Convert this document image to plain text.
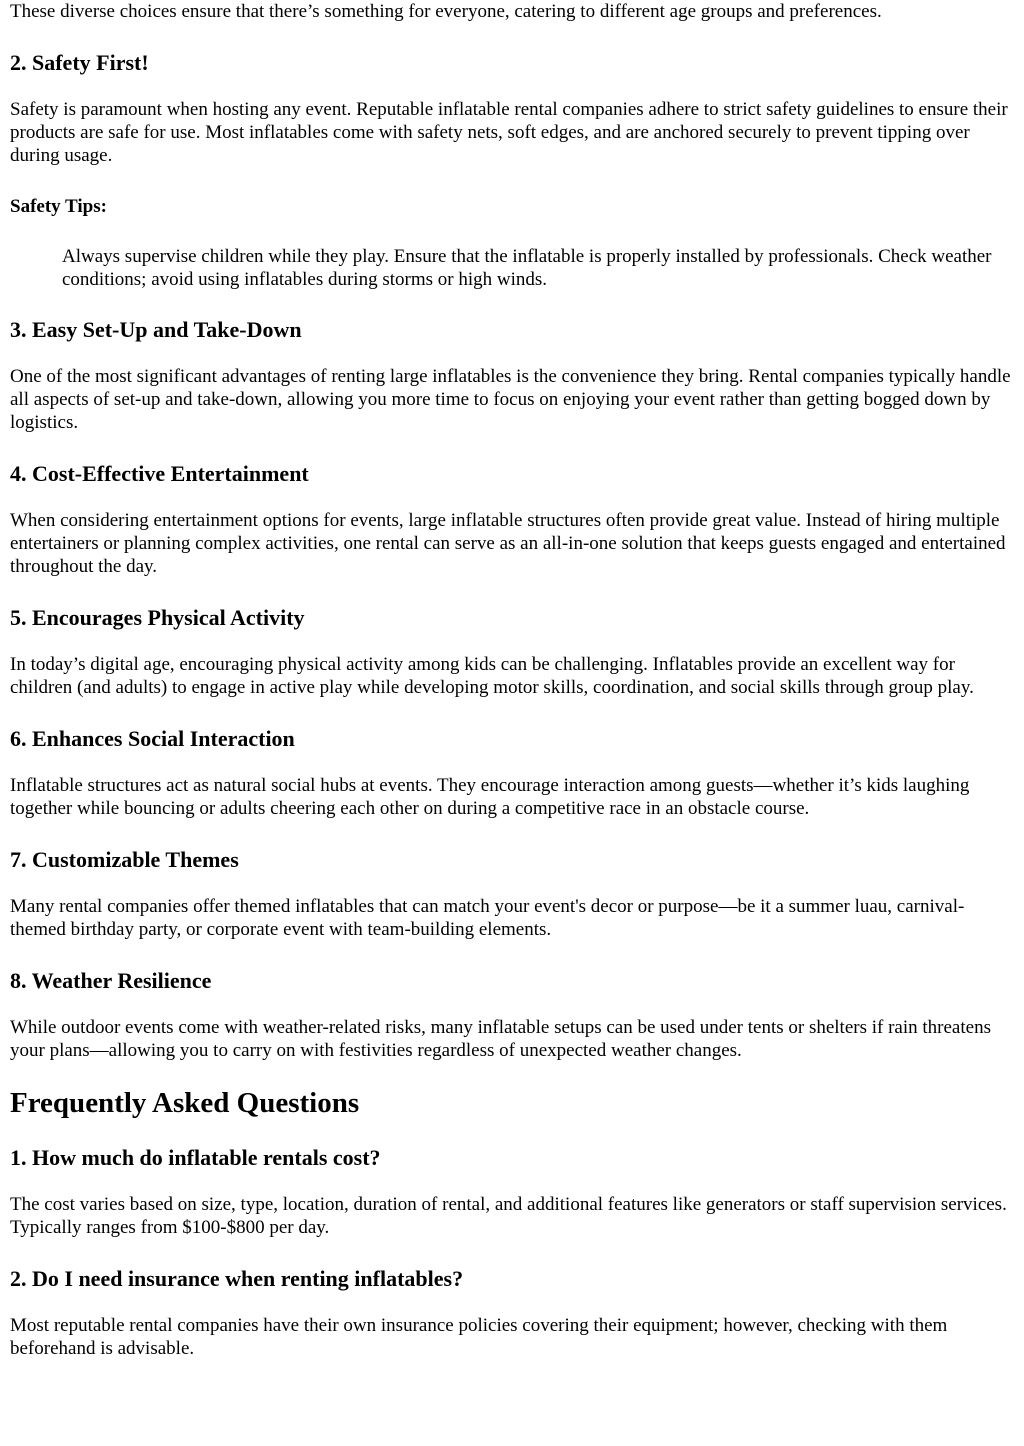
These diverse choices ensure that there’s something for everyone, catering to different age groups and preferences.

2. Safety First!

Safety is paramount when hosting any event. Reputable inflatable rental companies adhere to strict safety guidelines to ensure their products are safe for use. Most inflatables come with safety nets, soft edges, and are anchored securely to prevent tipping over during usage.

Safety Tips:

Always supervise children while they play. Ensure that the inflatable is properly installed by professionals. Check weather conditions; avoid using inflatables during storms or high winds.

3. Easy Set-Up and Take-Down

One of the most significant advantages of renting large inflatables is the convenience they bring. Rental companies typically handle all aspects of set-up and take-down, allowing you more time to focus on enjoying your event rather than getting bogged down by logistics.

4. Cost-Effective Entertainment

When considering entertainment options for events, large inflatable structures often provide great value. Instead of hiring multiple entertainers or planning complex activities, one rental can serve as an all-in-one solution that keeps guests engaged and entertained throughout the day.

5. Encourages Physical Activity

In today’s digital age, encouraging physical activity among kids can be challenging. Inflatables provide an excellent way for children (and adults) to engage in active play while developing motor skills, coordination, and social skills through group play.

6. Enhances Social Interaction

Inflatable structures act as natural social hubs at events. They encourage interaction among guests—whether it’s kids laughing together while bouncing or adults cheering each other on during a competitive race in an obstacle course.

7. Customizable Themes

Many rental companies offer themed inflatables that can match your event's decor or purpose—be it a summer luau, carnival-themed birthday party, or corporate event with team-building elements.

8. Weather Resilience

While outdoor events come with weather-related risks, many inflatable setups can be used under tents or shelters if rain threatens your plans—allowing you to carry on with festivities regardless of unexpected weather changes.

Frequently Asked Questions
1. How much do inflatable rentals cost?

The cost varies based on size, type, location, duration of rental, and additional features like generators or staff supervision services. Typically ranges from $100-$800 per day.

2. Do I need insurance when renting inflatables?

Most reputable rental companies have their own insurance policies covering their equipment; however, checking with them beforehand is advisable.
